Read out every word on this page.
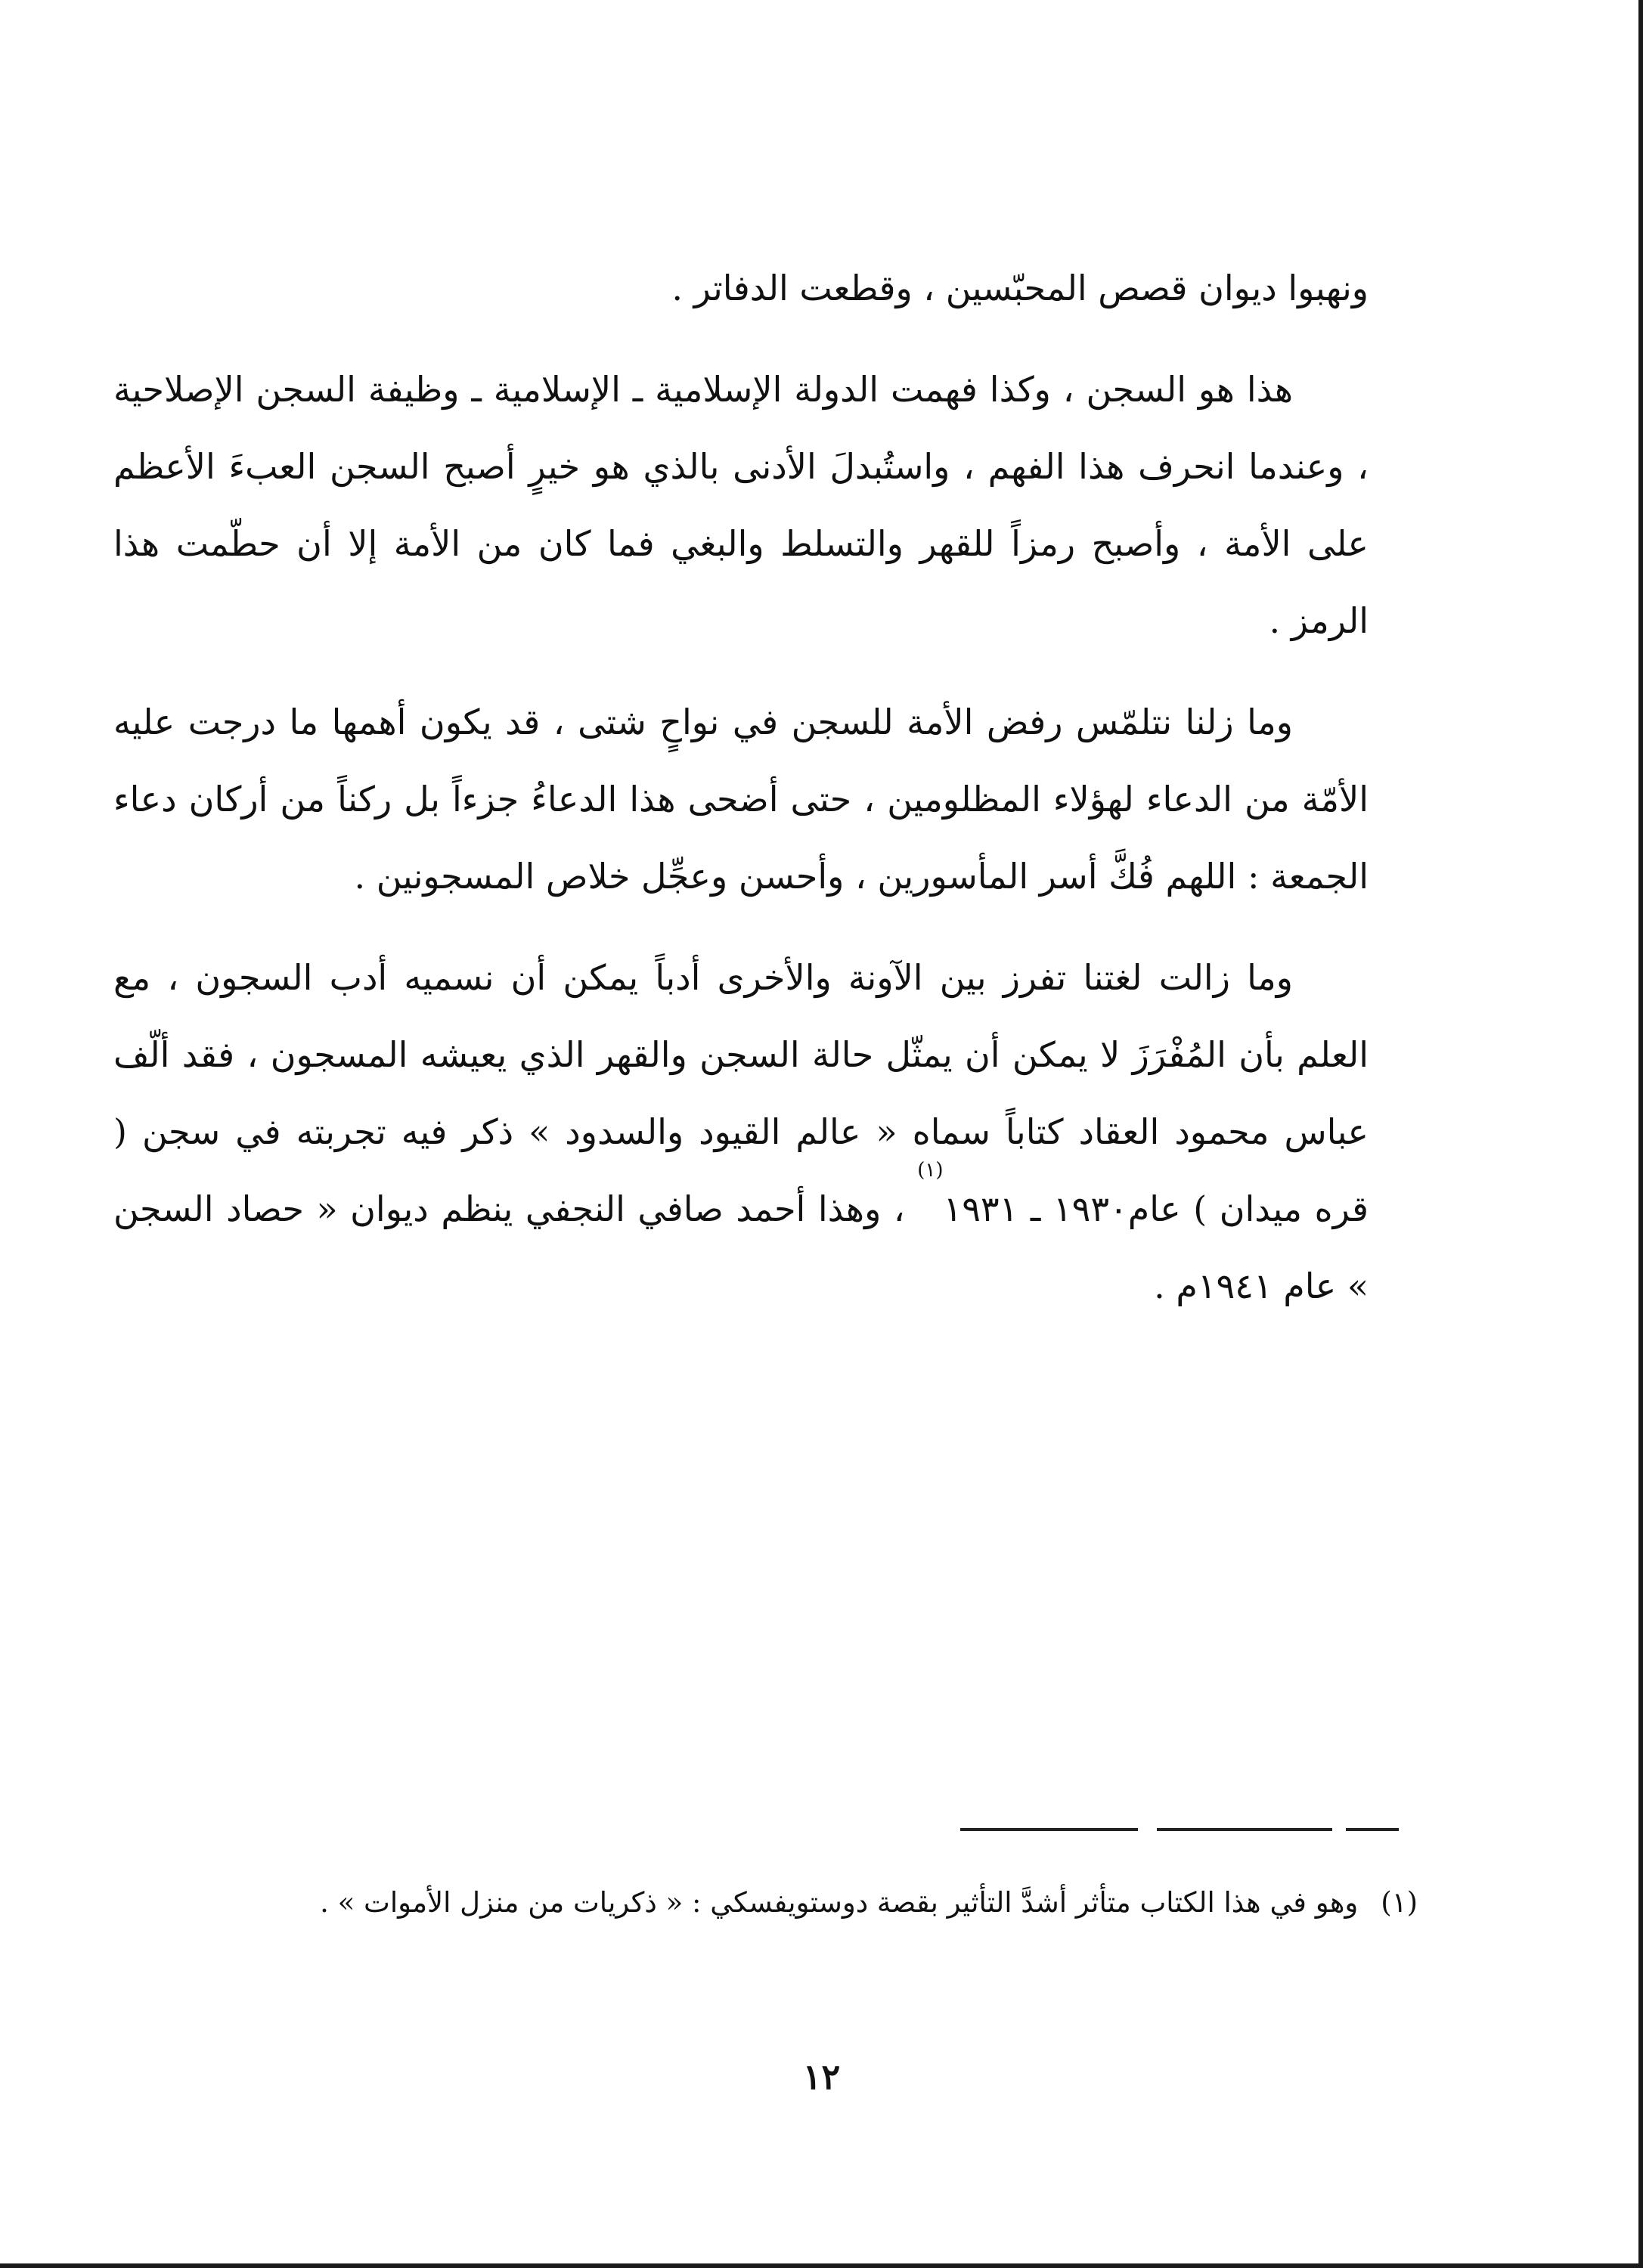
ونهبوا ديوان قصص المحبّسين ، وقطعت الدفاتر .

هذا هو السجن ، وكذا فهمت الدولة الإسلامية ـ الإسلامية ـ وظيفة السجن الإصلاحية ، وعندما انحرف هذا الفهم ، واستُبدلَ الأدنى بالذي هو خيرٍ أصبح السجن العبءَ الأعظم على الأمة ، وأصبح رمزاً للقهر والتسلط والبغي فما كان من الأمة إلا أن حطّمت هذا الرمز .

وما زلنا نتلمّس رفض الأمة للسجن في نواحٍ شتى ، قد يكون أهمها ما درجت عليه الأمّة من الدعاء لهؤلاء المظلومين ، حتى أضحى هذا الدعاءُ جزءاً بل ركناً من أركان دعاء الجمعة : اللهم فُكَّ أسر المأسورين ، وأحسن وعجِّل خلاص المسجونين .

وما زالت لغتنا تفرز بين الآونة والأخرى أدباً يمكن أن نسميه أدب السجون ، مع العلم بأن المُفْرَزَ لا يمكن أن يمثّل حالة السجن والقهر الذي يعيشه المسجون ، فقد ألّف عباس محمود العقاد كتاباً سماه « عالم القيود والسدود » ذكر فيه تجربته في سجن ( قره ميدان ) عام١٩٣٠ ـ ١٩٣١$^{(١)}$ ، وهذا أحمد صافي النجفي ينظم ديوان « حصاد السجن » عام ١٩٤١م .

(١)وهو في هذا الكتاب متأثر أشدَّ التأثير بقصة دوستويفسكي : « ذكريات من منزل الأموات » .
١٢
